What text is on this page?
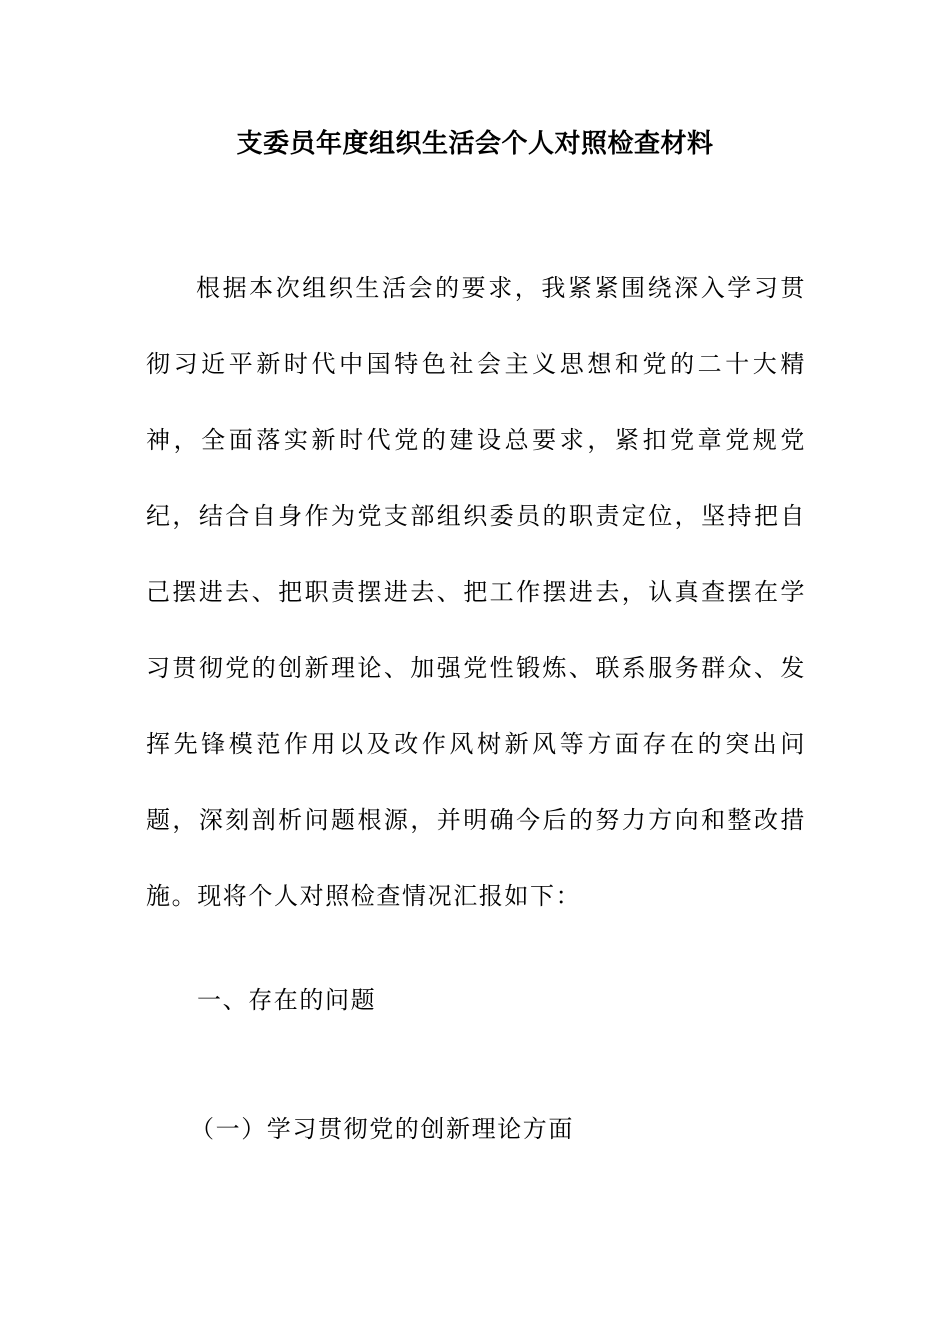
支委员年度组织生活会个人对照检查材料

根据本次组织生活会的要求，我紧紧围绕深入学习贯彻习近平新时代中国特色社会主义思想和党的二十大精神，全面落实新时代党的建设总要求，紧扣党章党规党纪，结合自身作为党支部组织委员的职责定位，坚持把自己摆进去、把职责摆进去、把工作摆进去，认真查摆在学习贯彻党的创新理论、加强党性锻炼、联系服务群众、发挥先锋模范作用以及改作风树新风等方面存在的突出问题，深刻剖析问题根源，并明确今后的努力方向和整改措施。现将个人对照检查情况汇报如下：

一、存在的问题

（一）学习贯彻党的创新理论方面
